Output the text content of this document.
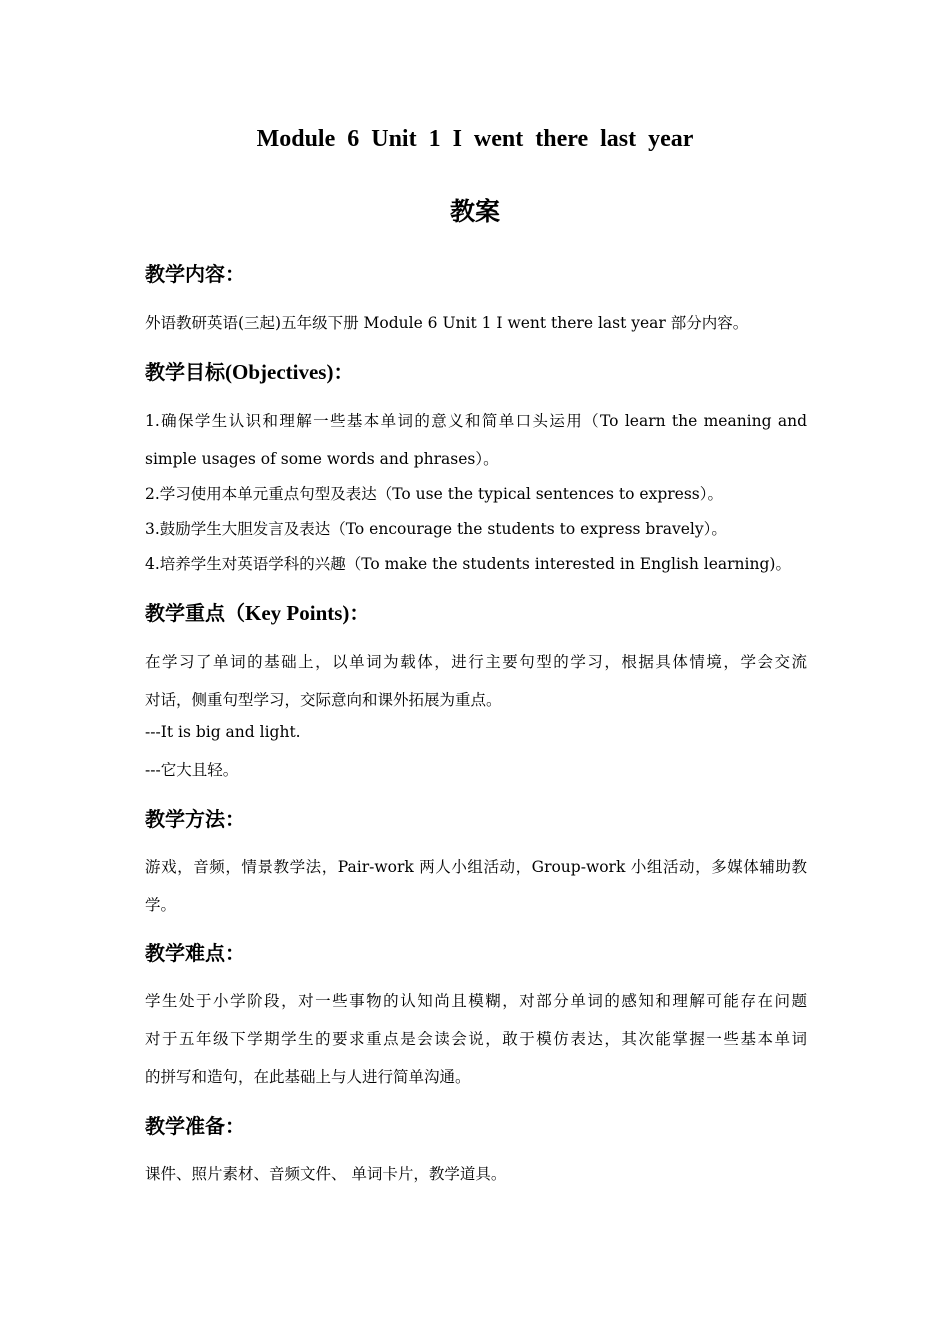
Module 6 Unit 1 I went there last year
教案
教学内容：
外语教研英语(三起)五年级下册 Module 6 Unit 1 I went there last year 部分内容。
教学目标(Objectives)：
1.确保学生认识和理解一些基本单词的意义和简单口头运用（To learn the meaning and
simple usages of some words and phrases）。
2.学习使用本单元重点句型及表达（To use the typical sentences to express）。
3.鼓励学生大胆发言及表达（To encourage the students to express bravely）。
4.培养学生对英语学科的兴趣（To make the students interested in English learning)。
教学重点（Key Points)：
在学习了单词的基础上，以单词为载体，进行主要句型的学习，根据具体情境，学会交流
对话，侧重句型学习，交际意向和课外拓展为重点。
---It is big and light.
---它大且轻。
教学方法：
游戏，音频，情景教学法，Pair-work 两人小组活动，Group-work 小组活动，多媒体辅助教
学。
教学难点：
学生处于小学阶段，对一些事物的认知尚且模糊，对部分单词的感知和理解可能存在问题
对于五年级下学期学生的要求重点是会读会说，敢于模仿表达，其次能掌握一些基本单词
的拼写和造句，在此基础上与人进行简单沟通。
教学准备：
课件、照片素材、音频文件、 单词卡片，教学道具。
